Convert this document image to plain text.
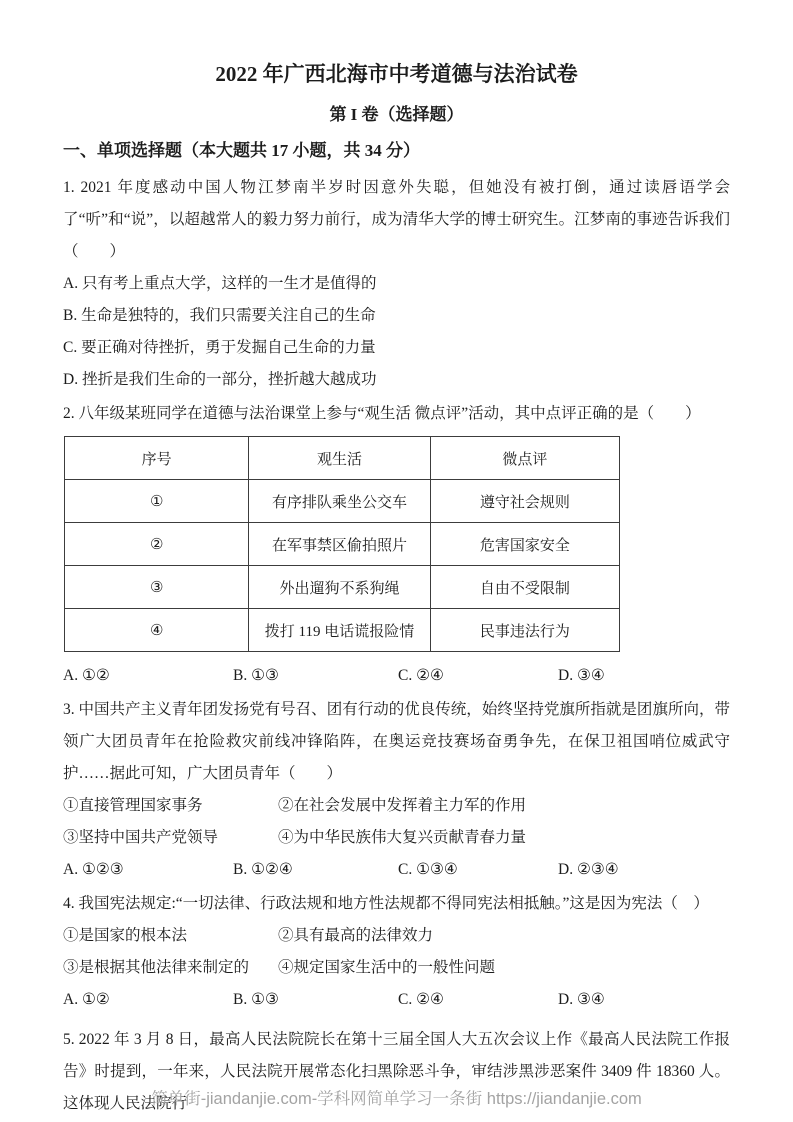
2022 年广西北海市中考道德与法治试卷
第 I 卷（选择题）
一、单项选择题（本大题共 17 小题，共 34 分）

1. 2021 年度感动中国人物江梦南半岁时因意外失聪，但她没有被打倒，通过读唇语学会了“听”和“说”，以超越常人的毅力努力前行，成为清华大学的博士研究生。江梦南的事迹告诉我们（　　）

A. 只有考上重点大学，这样的一生才是值得的

B. 生命是独特的，我们只需要关注自己的生命

C. 要正确对待挫折，勇于发掘自己生命的力量

D. 挫折是我们生命的一部分，挫折越大越成功

2. 八年级某班同学在道德与法治课堂上参与“观生活 微点评”活动，其中点评正确的是（　　）

序号	观生活	微点评
①	有序排队乘坐公交车	遵守社会规则
②	在军事禁区偷拍照片	危害国家安全
③	外出遛狗不系狗绳	自由不受限制
④	拨打 119 电话谎报险情	民事违法行为
A. ①②	B. ①③	C. ②④	D. ③④

3. 中国共产主义青年团发扬党有号召、团有行动的优良传统，始终坚持党旗所指就是团旗所向，带领广大团员青年在抢险救灾前线冲锋陷阵，在奥运竞技赛场奋勇争先，在保卫祖国哨位威武守护……据此可知，广大团员青年（　　）

①直接管理国家事务	②在社会发展中发挥着主力军的作用
③坚持中国共产党领导	④为中华民族伟大复兴贡献青春力量
A. ①②③	B. ①②④	C. ①③④	D. ②③④

4. 我国宪法规定:“一切法律、行政法规和地方性法规都不得同宪法相抵触。”这是因为宪法（　）

①是国家的根本法	②具有最高的法律效力
③是根据其他法律来制定的	④规定国家生活中的一般性问题
A. ①②	B. ①③	C. ②④	D. ③④

5. 2022 年 3 月 8 日，最高人民法院院长在第十三届全国人大五次会议上作《最高人民法院工作报告》时提到，一年来，人民法院开展常态化扫黑除恶斗争，审结涉黑涉恶案件 3409 件 18360 人。这体现人民法院行

简单街-jiandanjie.com-学科网简单学习一条街 https://jiandanjie.com
